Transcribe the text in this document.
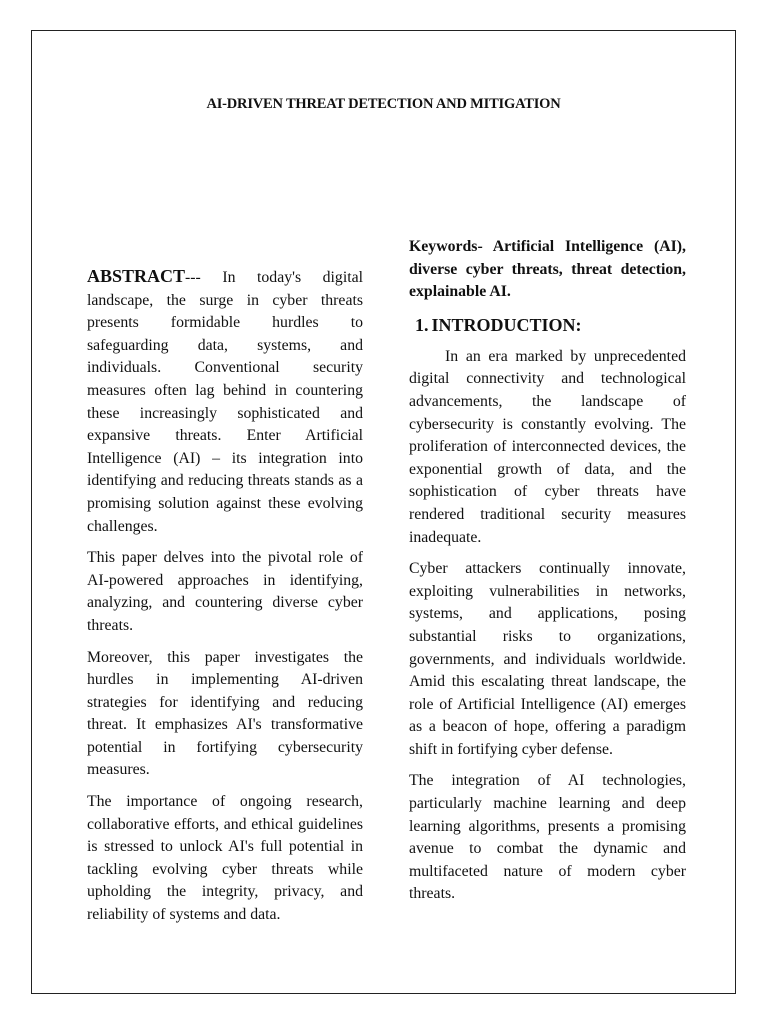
AI-DRIVEN THREAT DETECTION AND MITIGATION

ABSTRACT--- In today's digital landscape, the surge in cyber threats presents formidable hurdles to safeguarding data, systems, and individuals. Conventional security measures often lag behind in countering these increasingly sophisticated and expansive threats. Enter Artificial Intelligence (AI) – its integration into identifying and reducing threats stands as a promising solution against these evolving challenges.

This paper delves into the pivotal role of AI-powered approaches in identifying, analyzing, and countering diverse cyber threats.

Moreover, this paper investigates the hurdles in implementing AI-driven strategies for identifying and reducing threat. It emphasizes AI's transformative potential in fortifying cybersecurity measures.

The importance of ongoing research, collaborative efforts, and ethical guidelines is stressed to unlock AI's full potential in tackling evolving cyber threats while upholding the integrity, privacy, and reliability of systems and data.

Keywords- Artificial Intelligence (AI), diverse cyber threats, threat detection, explainable AI.

1. INTRODUCTION:

In an era marked by unprecedented digital connectivity and technological advancements, the landscape of cybersecurity is constantly evolving. The proliferation of interconnected devices, the exponential growth of data, and the sophistication of cyber threats have rendered traditional security measures inadequate.

Cyber attackers continually innovate, exploiting vulnerabilities in networks, systems, and applications, posing substantial risks to organizations, governments, and individuals worldwide. Amid this escalating threat landscape, the role of Artificial Intelligence (AI) emerges as a beacon of hope, offering a paradigm shift in fortifying cyber defense.

The integration of AI technologies, particularly machine learning and deep learning algorithms, presents a promising avenue to combat the dynamic and multifaceted nature of modern cyber threats.
